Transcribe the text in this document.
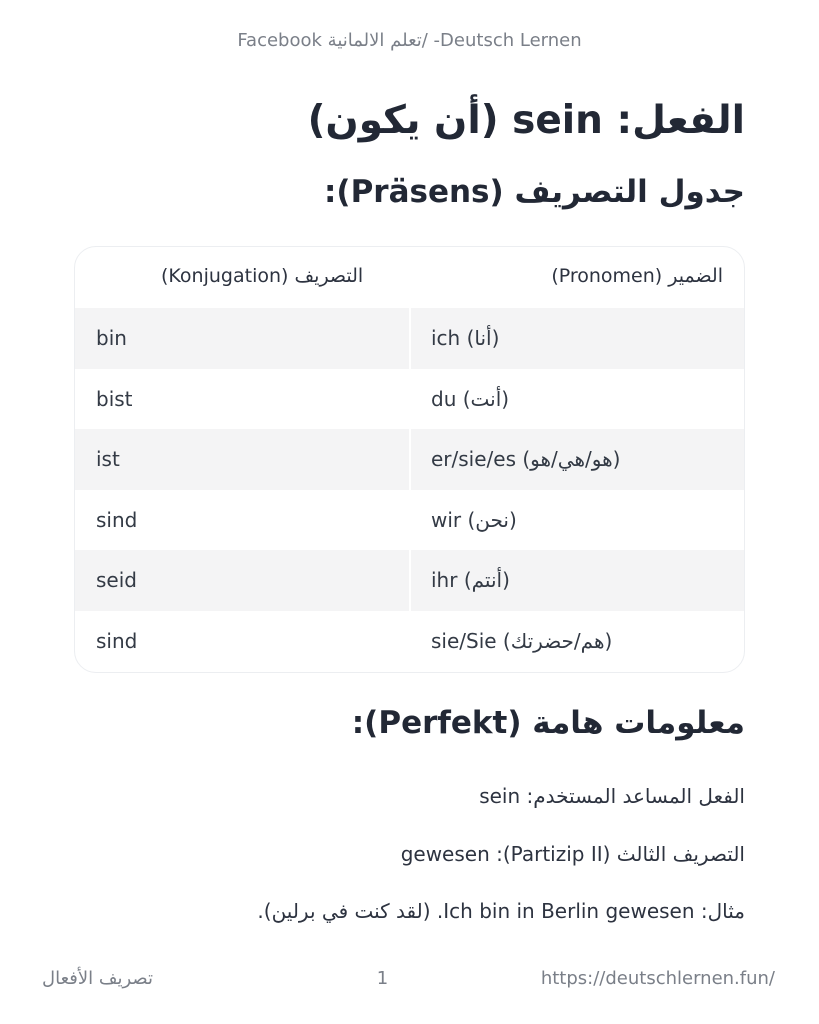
Facebook تعلم الالمانية/ -Deutsch Lernen
الفعل: sein (أن يكون)
جدول التصريف (Präsens):
الضمير (Pronomen)
التصريف (Konjugation)
bin	ich (أنا)
bist	du (أنت)
ist	er/sie/es (هو/هي/هو)
sind	wir (نحن)
seid	ihr (أنتم)
sind	sie/Sie (هم/حضرتك)
معلومات هامة (Perfekt):
الفعل المساعد المستخدم: sein
التصريف الثالث (Partizip II): gewesen
مثال: Ich bin in Berlin gewesen. (لقد كنت في برلين).
تصريف الأفعال	1	https://deutschlernen.fun/
